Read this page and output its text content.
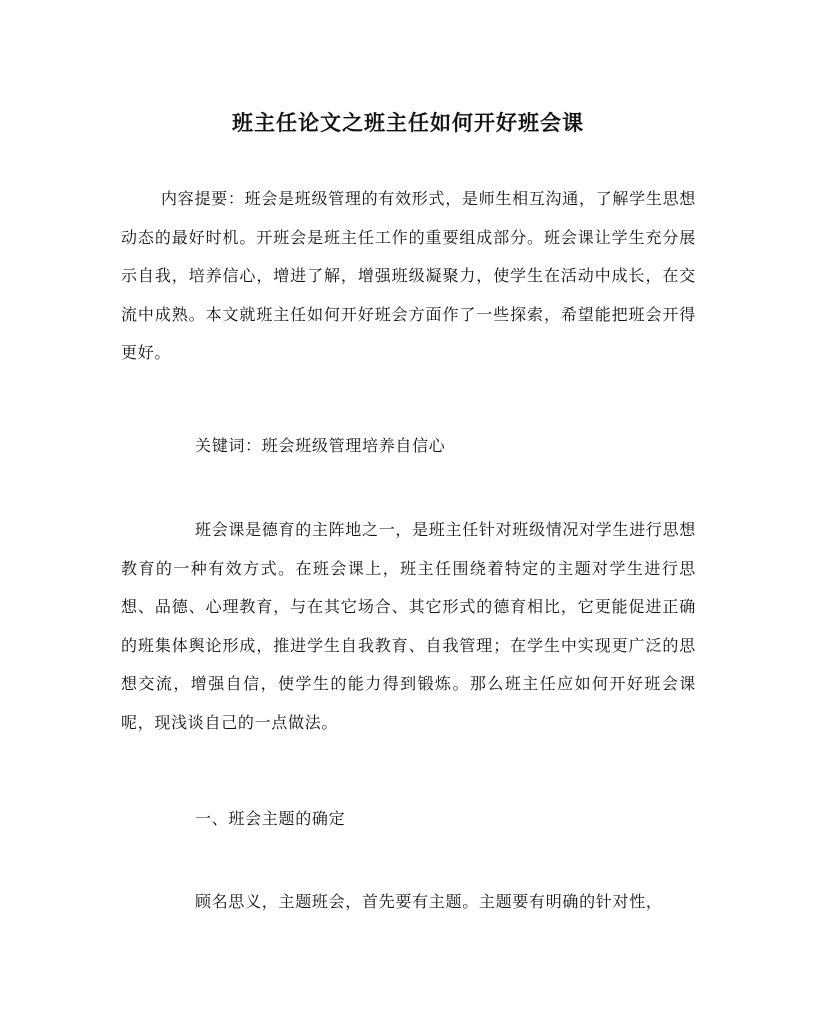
班主任论文之班主任如何开好班会课

内容提要：班会是班级管理的有效形式，是师生相互沟通，了解学生思想动态的最好时机。开班会是班主任工作的重要组成部分。班会课让学生充分展示自我，培养信心，增进了解，增强班级凝聚力，使学生在活动中成长，在交流中成熟。本文就班主任如何开好班会方面作了一些探索，希望能把班会开得更好。

关键词：班会班级管理培养自信心

班会课是德育的主阵地之一，是班主任针对班级情况对学生进行思想教育的一种有效方式。在班会课上，班主任围绕着特定的主题对学生进行思想、品德、心理教育，与在其它场合、其它形式的德育相比，它更能促进正确的班集体舆论形成，推进学生自我教育、自我管理；在学生中实现更广泛的思想交流，增强自信，使学生的能力得到锻炼。那么班主任应如何开好班会课呢，现浅谈自己的一点做法。

一、班会主题的确定

顾名思义，主题班会，首先要有主题。主题要有明确的针对性，
